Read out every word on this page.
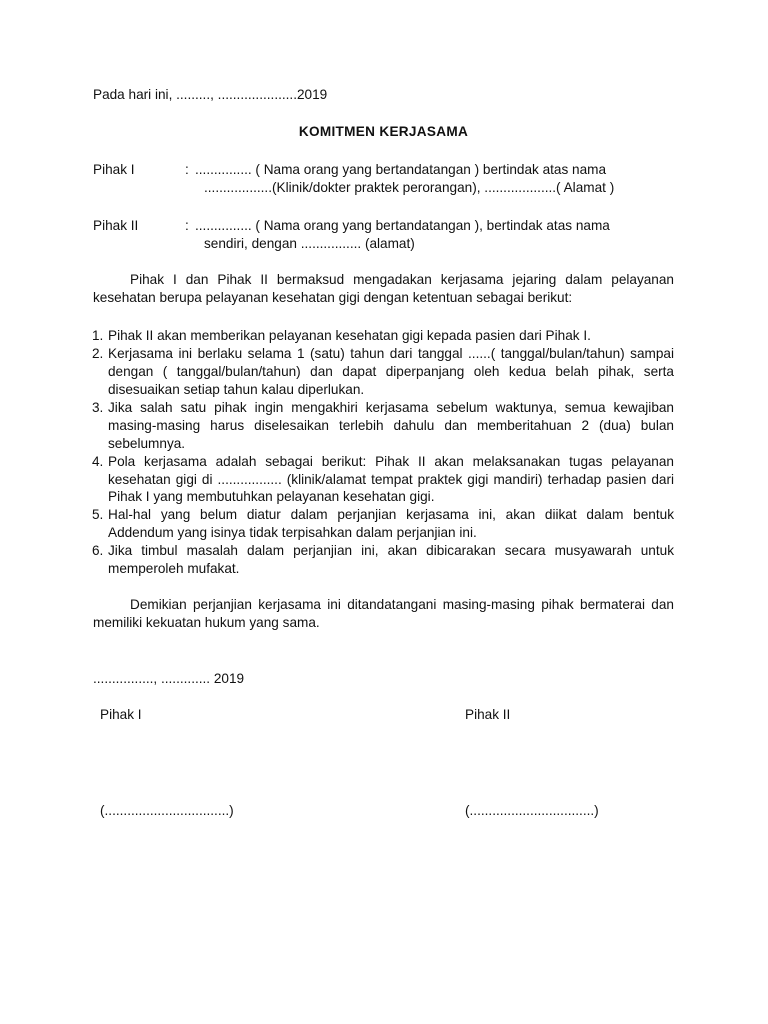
Pada hari ini, ........., .....................2019
KOMITMEN KERJASAMA
Pihak I	: ............... ( Nama orang yang bertandatangan ) bertindak atas nama
..................(Klinik/dokter praktek perorangan), ...................( Alamat )
Pihak II	: ............... ( Nama orang yang bertandatangan ), bertindak atas nama
sendiri, dengan ................ (alamat)

Pihak I dan Pihak II bermaksud mengadakan kerjasama jejaring dalam pelayanan kesehatan berupa pelayanan kesehatan gigi dengan ketentuan sebagai berikut:

1. Pihak II akan memberikan pelayanan kesehatan gigi kepada pasien dari Pihak I.
2. Kerjasama ini berlaku selama 1 (satu) tahun dari tanggal ......( tanggal/bulan/tahun) sampai dengan ( tanggal/bulan/tahun) dan dapat diperpanjang oleh kedua belah pihak, serta disesuaikan setiap tahun kalau diperlukan.
3. Jika salah satu pihak ingin mengakhiri kerjasama sebelum waktunya, semua kewajiban masing-masing harus diselesaikan terlebih dahulu dan memberitahuan 2 (dua) bulan sebelumnya.
4. Pola kerjasama adalah sebagai berikut: Pihak II akan melaksanakan tugas pelayanan kesehatan gigi di ................. (klinik/alamat tempat praktek gigi mandiri) terhadap pasien dari Pihak I yang membutuhkan pelayanan kesehatan gigi.
5. Hal-hal yang belum diatur dalam perjanjian kerjasama ini, akan diikat dalam bentuk Addendum yang isinya tidak terpisahkan dalam perjanjian ini.
6. Jika timbul masalah dalam perjanjian ini, akan dibicarakan secara musyawarah untuk memperoleh mufakat.

Demikian perjanjian kerjasama ini ditandatangani masing-masing pihak bermaterai dan memiliki kekuatan hukum yang sama.

................, ............. 2019
Pihak I
(.................................)
Pihak II
(.................................)
